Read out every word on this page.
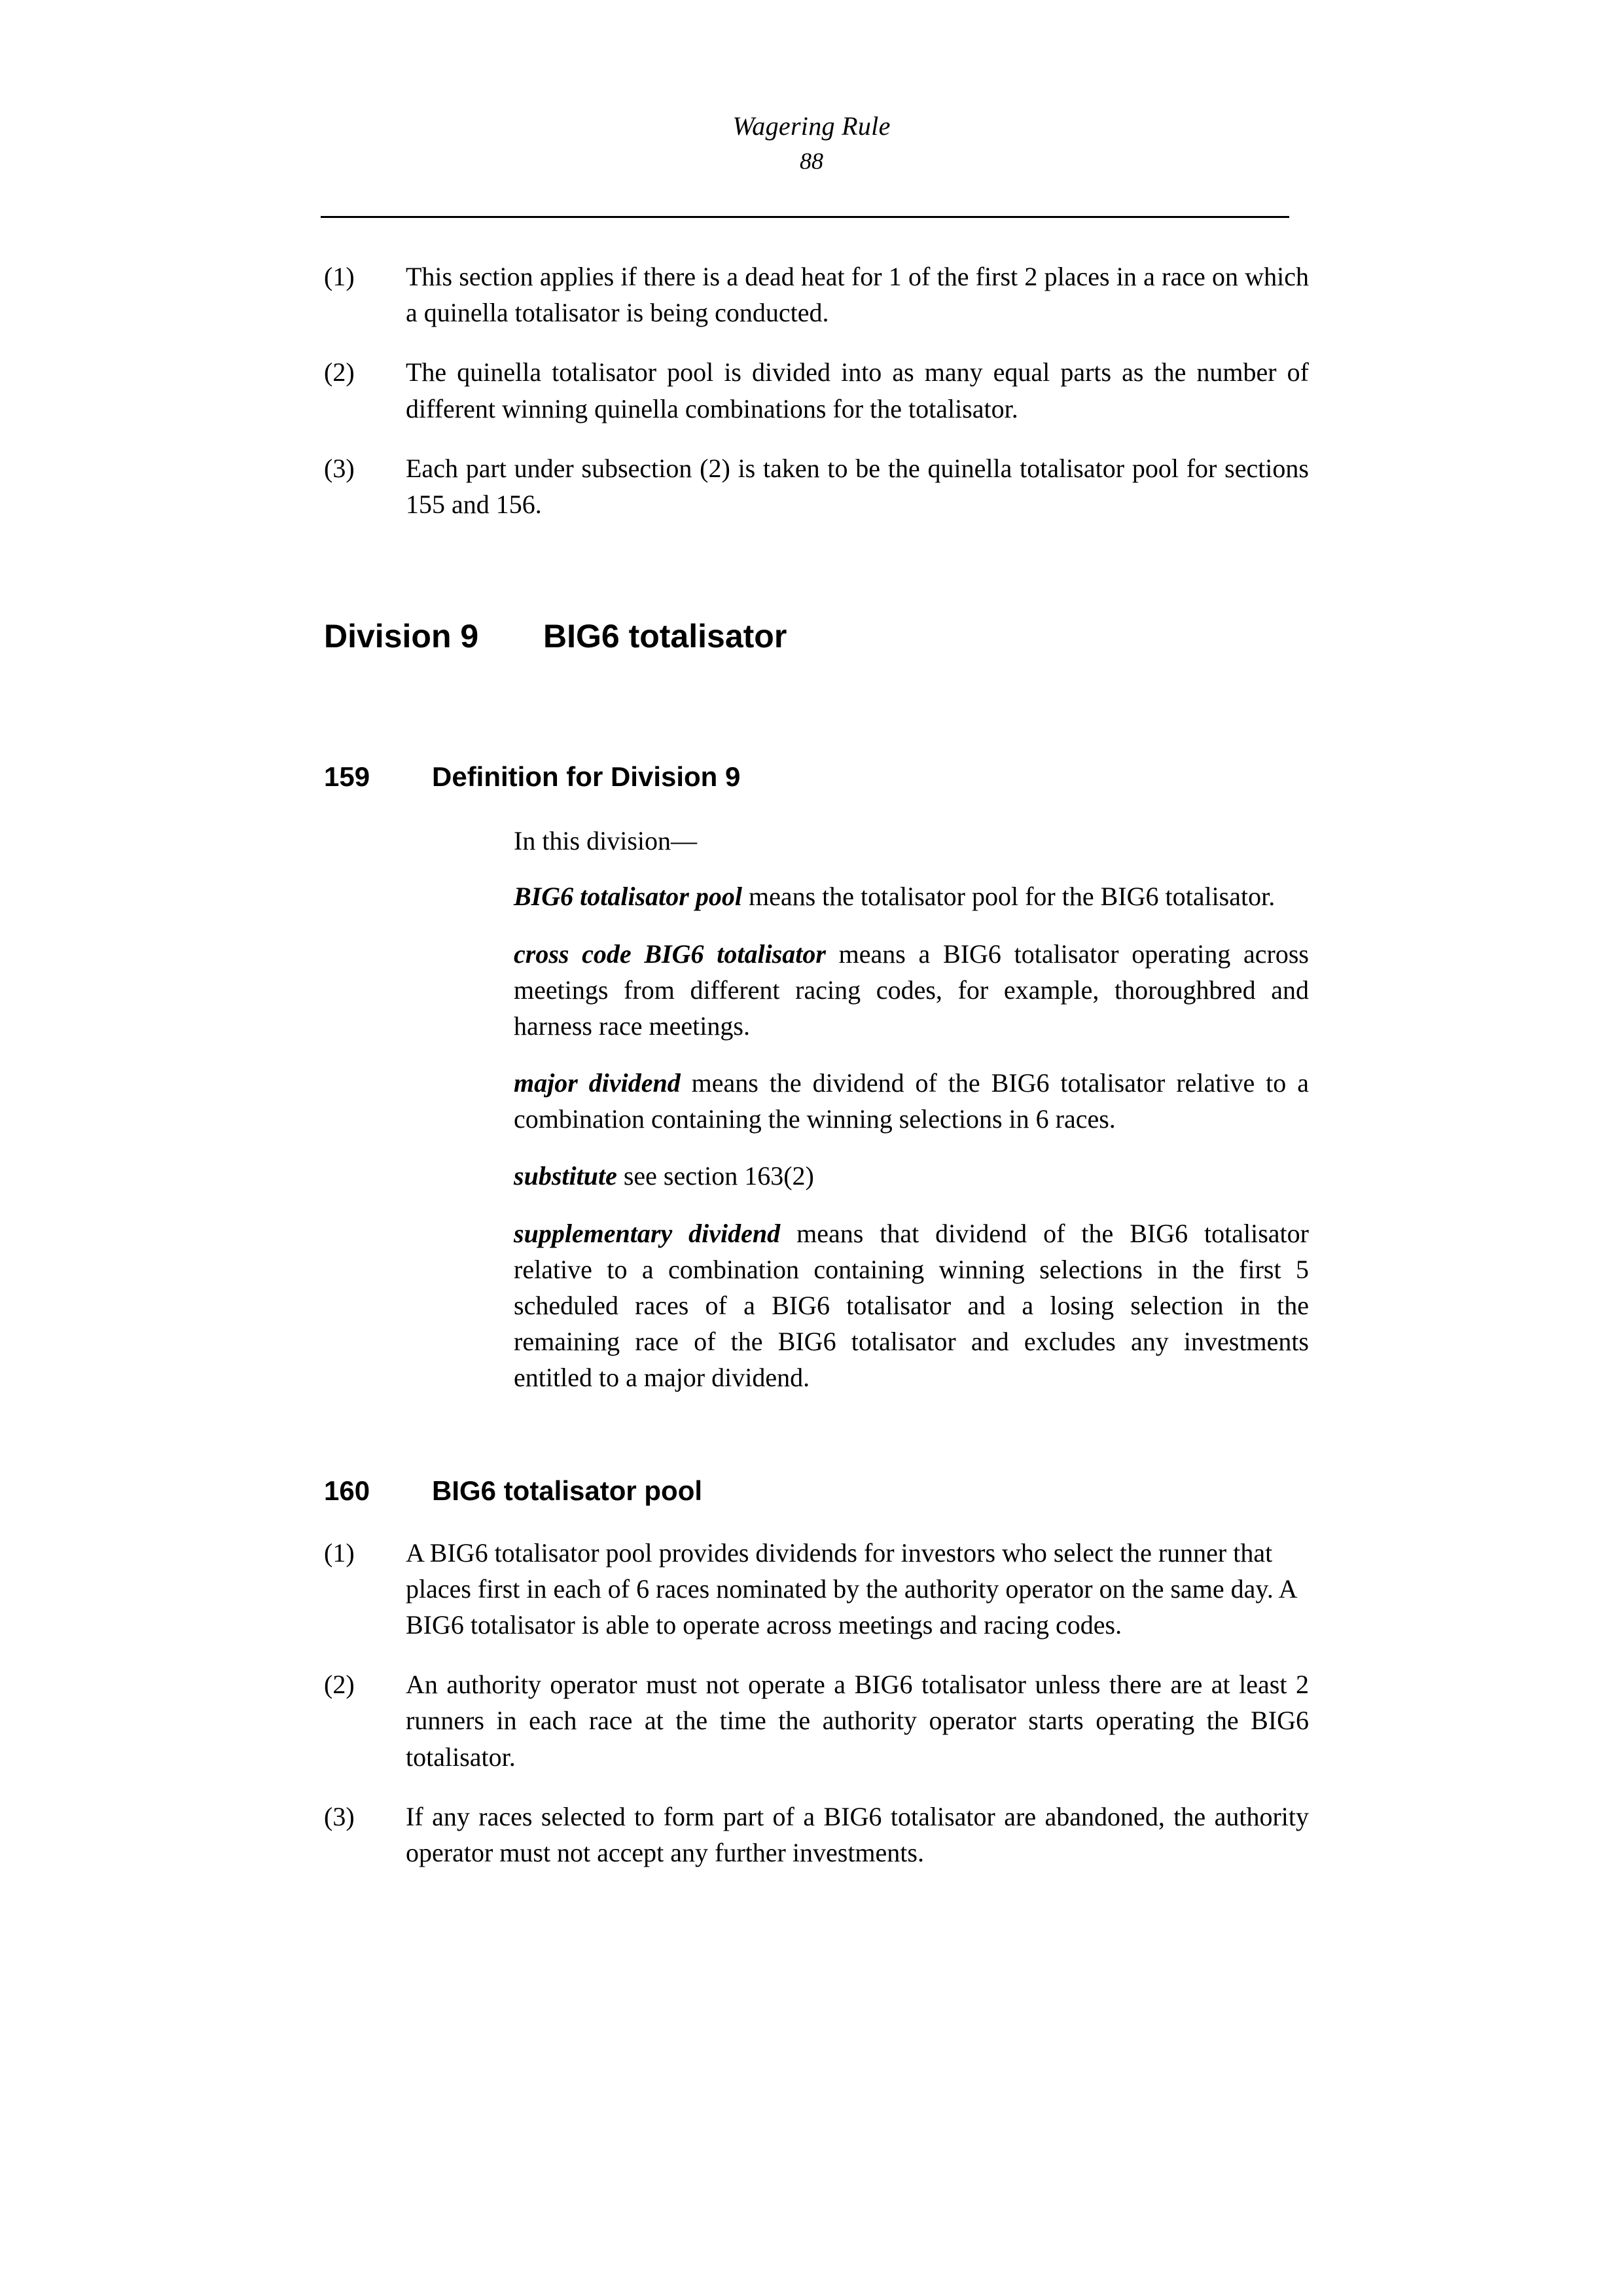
Wagering Rule
88
(1)	This section applies if there is a dead heat for 1 of the first 2 places in a race on which a quinella totalisator is being conducted.
(2)	The quinella totalisator pool is divided into as many equal parts as the number of different winning quinella combinations for the totalisator.
(3)	Each part under subsection (2) is taken to be the quinella totalisator pool for sections 155 and 156.
Division 9 BIG6 totalisator
159 Definition for Division 9

In this division—

BIG6 totalisator pool means the totalisator pool for the BIG6 totalisator.

cross code BIG6 totalisator means a BIG6 totalisator operating across meetings from different racing codes, for example, thoroughbred and harness race meetings.

major dividend means the dividend of the BIG6 totalisator relative to a combination containing the winning selections in 6 races.

substitute see section 163(2)

supplementary dividend means that dividend of the BIG6 totalisator relative to a combination containing winning selections in the first 5 scheduled races of a BIG6 totalisator and a losing selection in the remaining race of the BIG6 totalisator and excludes any investments entitled to a major dividend.

160 BIG6 totalisator pool
(1)	A BIG6 totalisator pool provides dividends for investors who select the runner that places first in each of 6 races nominated by the authority operator on the same day. A BIG6 totalisator is able to operate across meetings and racing codes.
(2)	An authority operator must not operate a BIG6 totalisator unless there are at least 2 runners in each race at the time the authority operator starts operating the BIG6 totalisator.
(3)	If any races selected to form part of a BIG6 totalisator are abandoned, the authority operator must not accept any further investments.
